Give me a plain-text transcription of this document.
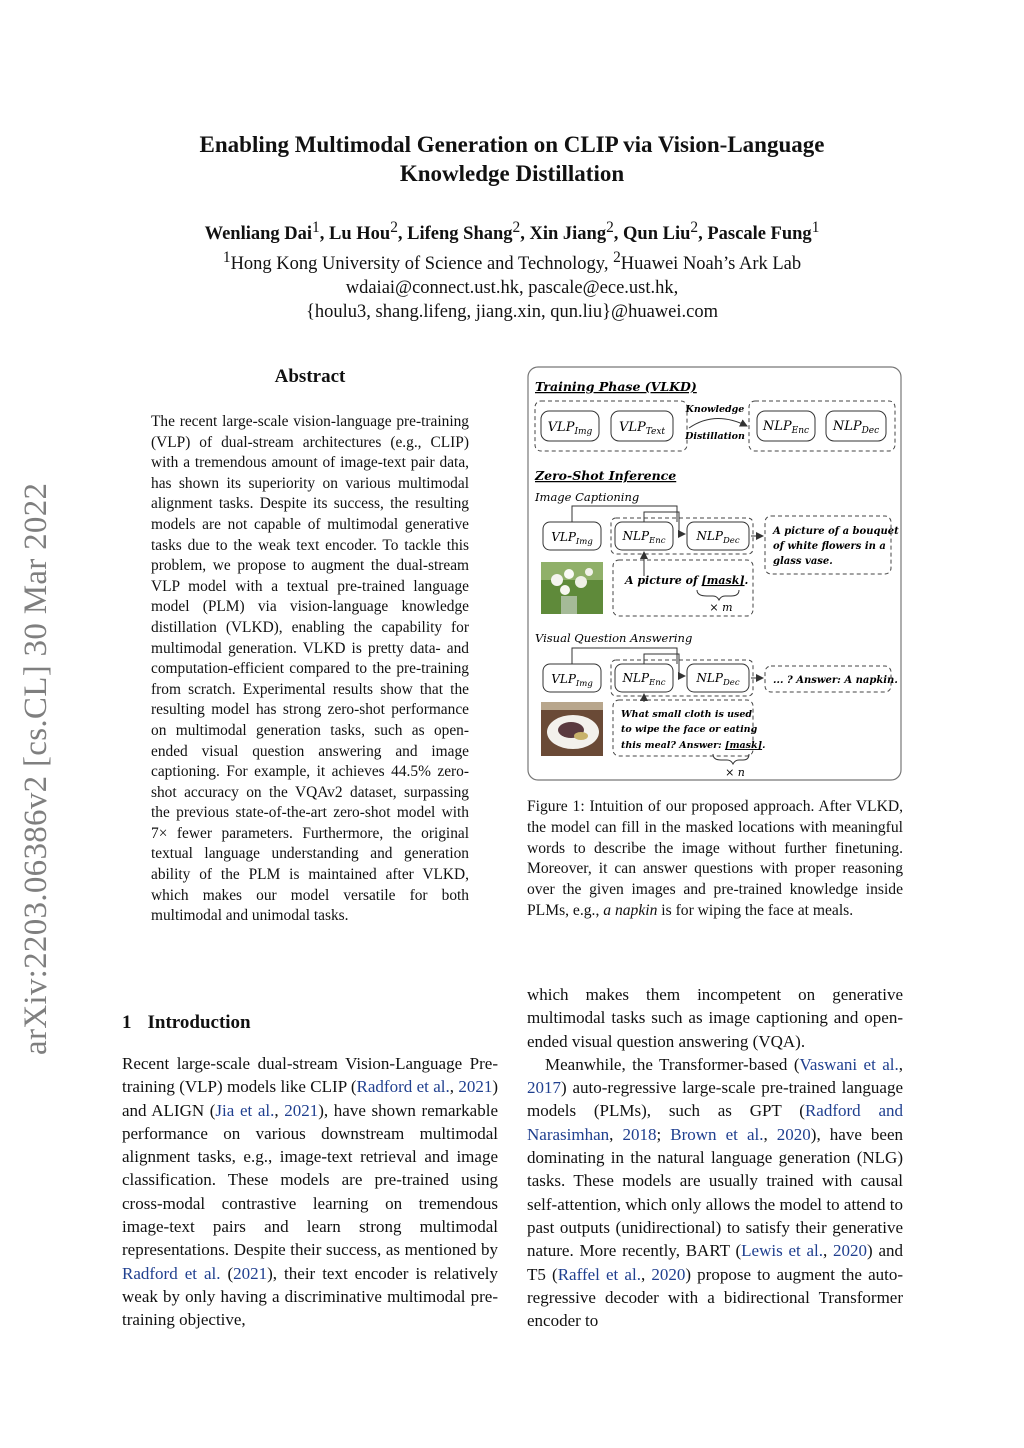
Enabling Multimodal Generation on CLIP via Vision-Language
Knowledge Distillation
Wenliang Dai$^1$, Lu Hou$^2$, Lifeng Shang$^2$, Xin Jiang$^2$, Qun Liu$^2$, Pascale Fung$^1$
$^1$Hong Kong University of Science and Technology, $^2$Huawei Noah’s Ark Lab
wdaiai@connect.ust.hk, pascale@ece.ust.hk,
{houlu3, shang.lifeng, jiang.xin, qun.liu}@huawei.com
arXiv:2203.06386v2 [cs.CL] 30 Mar 2022
Abstract
The recent large-scale vision-language pre-training (VLP) of dual-stream architectures (e.g., CLIP) with a tremendous amount of image-text pair data, has shown its superiority on various multimodal alignment tasks. Despite its success, the resulting models are not capable of multimodal generative tasks due to the weak text encoder. To tackle this problem, we propose to augment the dual-stream VLP model with a textual pre-trained language model (PLM) via vision-language knowledge distillation (VLKD), enabling the capability for multimodal generation. VLKD is pretty data- and computation-efficient compared to the pre-training from scratch. Experimental results show that the resulting model has strong zero-shot performance on multimodal generation tasks, such as open-ended visual question answering and image captioning. For example, it achieves 44.5% zero-shot accuracy on the VQAv2 dataset, surpassing the previous state-of-the-art zero-shot model with 7× fewer parameters. Furthermore, the original textual language understanding and generation ability of the PLM is maintained after VLKD, which makes our model versatile for both multimodal and unimodal tasks.
1 Introduction

Recent large-scale dual-stream Vision-Language Pre-training (VLP) models like CLIP (Radford et al., 2021) and ALIGN (Jia et al., 2021), have shown remarkable performance on various downstream multimodal alignment tasks, e.g., image-text retrieval and image classification. These models are pre-trained using cross-modal contrastive learning on tremendous image-text pairs and learn strong multimodal representations. Despite their success, as mentioned by Radford et al. (2021), their text encoder is relatively weak by only having a discriminative multimodal pre-training objective,

which makes them incompetent on generative multimodal tasks such as image captioning and open-ended visual question answering (VQA).

Meanwhile, the Transformer-based (Vaswani et al., 2017) auto-regressive large-scale pre-trained language models (PLMs), such as GPT (Radford and Narasimhan, 2018; Brown et al., 2020), have been dominating in the natural language generation (NLG) tasks. These models are usually trained with causal self-attention, which only allows the model to attend to past outputs (unidirectional) to satisfy their generative nature. More recently, BART (Lewis et al., 2020) and T5 (Raffel et al., 2020) propose to augment the auto-regressive decoder with a bidirectional Transformer encoder to

Training Phase (VLKD)
$VLP_{Img}$ $VLP_{Text}$
Knowledge
Distillation
$NLP_{Enc}$ $NLP_{Dec}$
Zero-Shot Inference
Image Captioning
$VLP_{Img}$ $NLP_{Enc}$	$NLP_{Dec}$
A picture of a bouquet
of white flowers in a
glass vase.
A picture of [mask].
× m
Visual Question Answering
$VLP_{Img}$ $NLP_{Enc}$	$NLP_{Dec}$	... ? Answer: A napkin.
What small cloth is used
to wipe the face or eating
this meal? Answer: [mask].
× n
Figure 1: Intuition of our proposed approach. After VLKD, the model can fill in the masked locations with meaningful words to describe the image without further finetuning. Moreover, it can answer questions with proper reasoning over the given images and pre-trained knowledge inside PLMs, e.g., a napkin is for wiping the face at meals.
